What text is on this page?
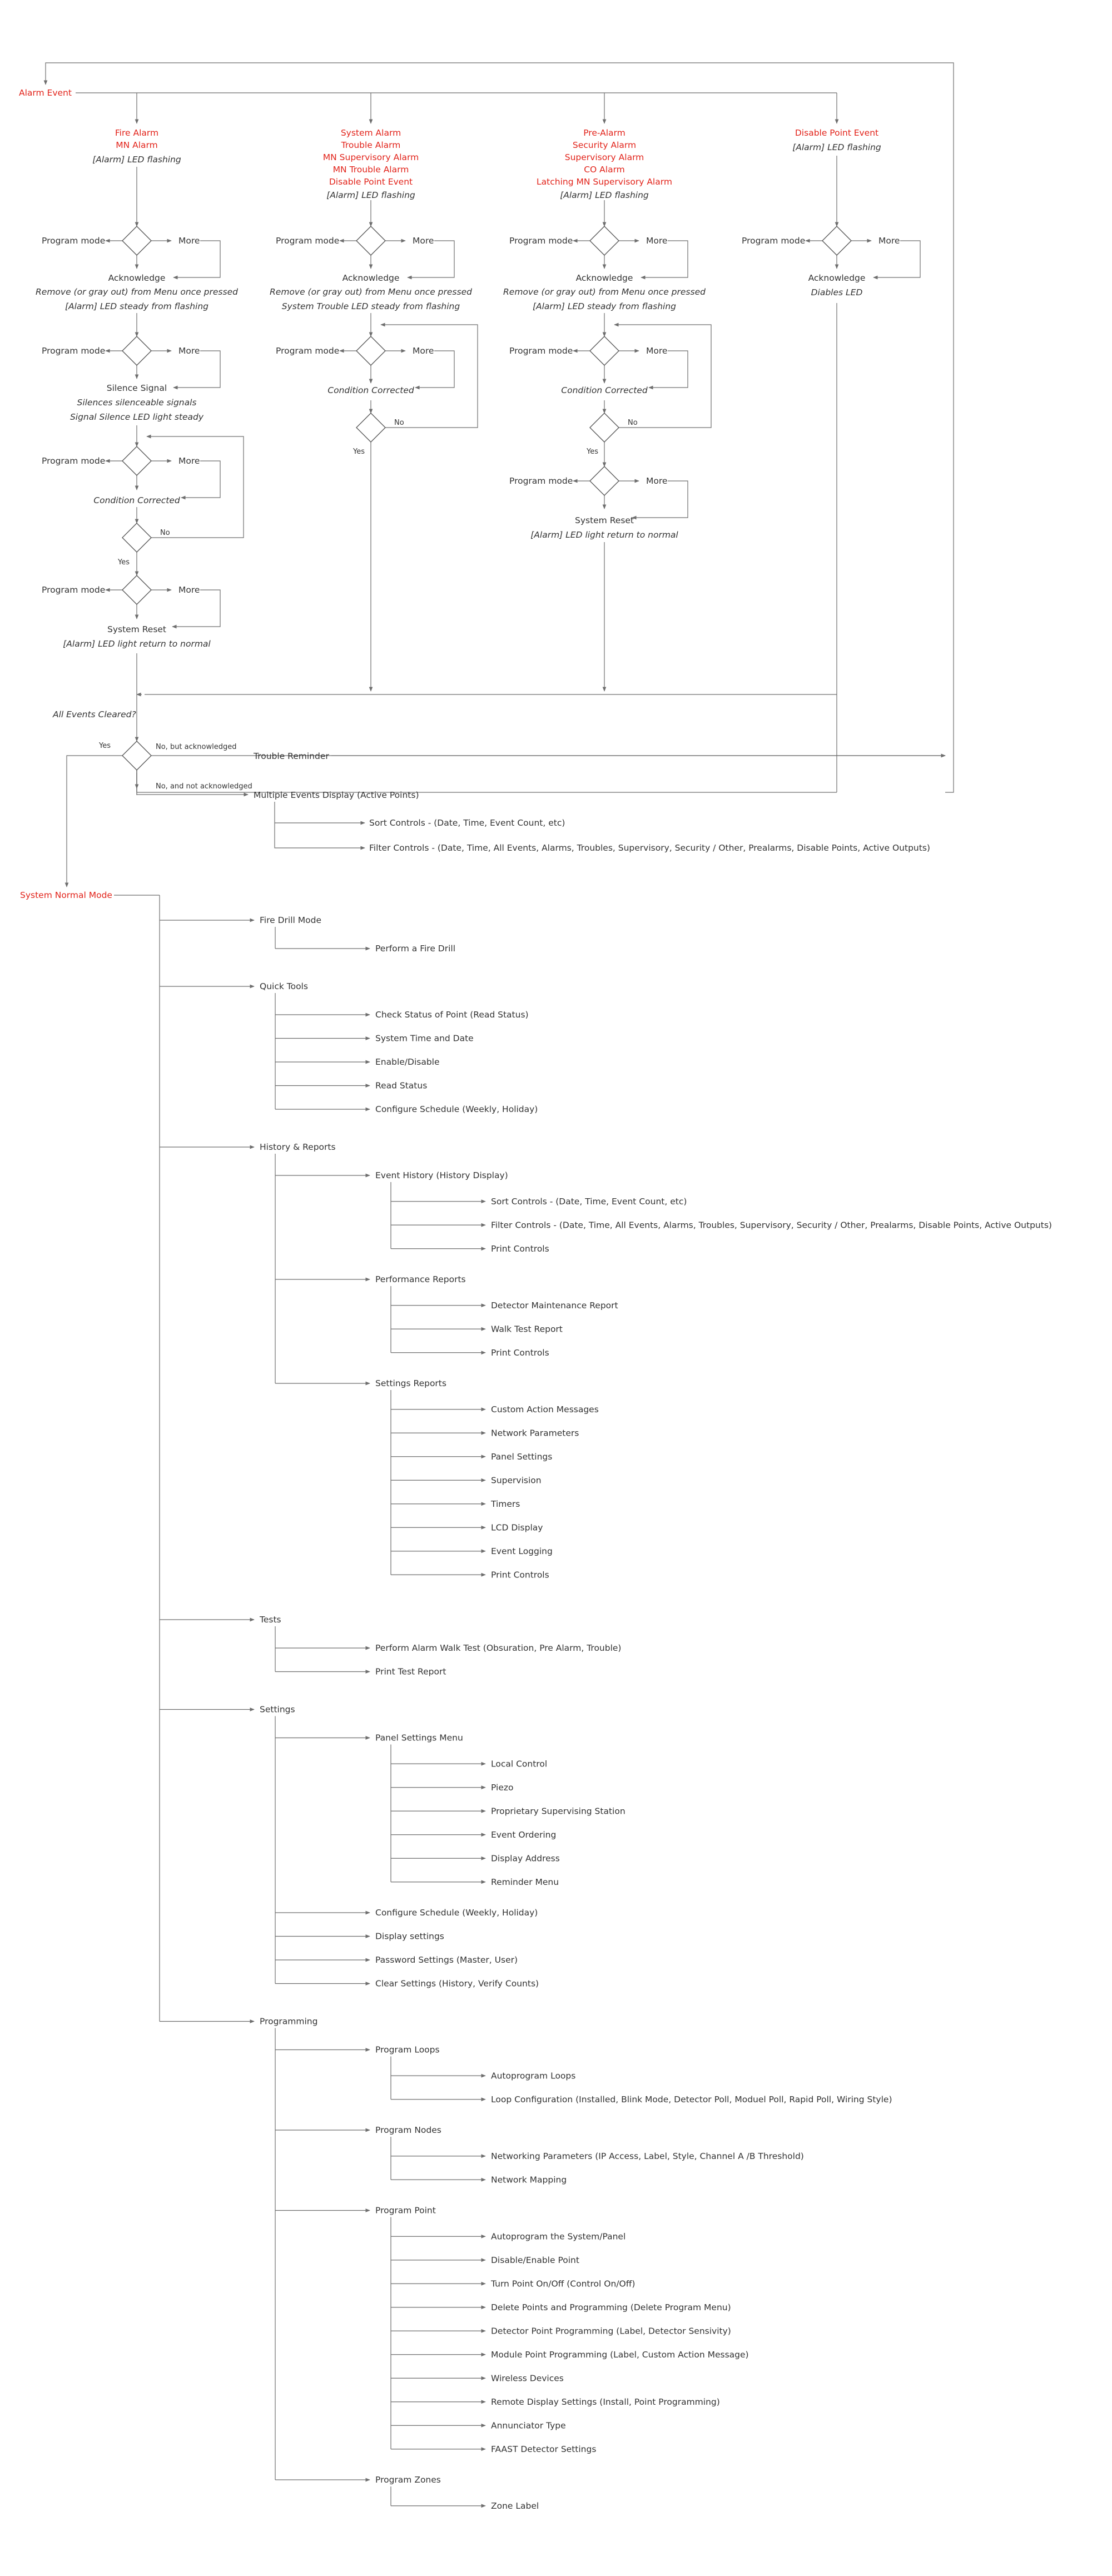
Alarm Event
Fire Alarm
MN Alarm
[Alarm] LED flashing
Program mode	More
Acknowledge
Remove (or gray out) from Menu once pressed
[Alarm] LED steady from flashing
Program mode	More
Silence Signal
Silences silenceable signals
Signal Silence LED light steady
Program mode	More
Condition Corrected
No
Yes
Program mode	More
System Reset
[Alarm] LED light return to normal
System Alarm
Trouble Alarm
MN Supervisory Alarm
MN Trouble Alarm
Disable Point Event
[Alarm] LED flashing
Program mode	More
Acknowledge
Remove (or gray out) from Menu once pressed
System Trouble LED steady from flashing
Program mode	More
Condition Corrected
No
Yes
Pre-Alarm
Security Alarm
Supervisory Alarm
CO Alarm
Latching MN Supervisory Alarm
[Alarm] LED flashing
Program mode	More
Acknowledge
Remove (or gray out) from Menu once pressed
[Alarm] LED steady from flashing
Program mode	More
Condition Corrected
No
Yes
Program mode	More
System Reset
[Alarm] LED light return to normal
Disable Point Event
[Alarm] LED flashing
Program mode	More
Acknowledge
Diables LED
All Events Cleared?
Yes	No, but acknowledged
Trouble Reminder
No, and not acknowledged
Multiple Events Display (Active Points)
Sort Controls - (Date, Time, Event Count, etc)
Filter Controls - (Date, Time, All Events, Alarms, Troubles, Supervisory, Security / Other, Prealarms, Disable Points, Active Outputs)
System Normal Mode
Fire Drill Mode
Perform a Fire Drill
Quick Tools
Check Status of Point (Read Status)
System Time and Date
Enable/Disable
Read Status
Configure Schedule (Weekly, Holiday)
History & Reports
Event History (History Display)
Sort Controls - (Date, Time, Event Count, etc)
Filter Controls - (Date, Time, All Events, Alarms, Troubles, Supervisory, Security / Other, Prealarms, Disable Points, Active Outputs)
Print Controls
Performance Reports
Detector Maintenance Report
Walk Test Report
Print Controls
Settings Reports
Custom Action Messages
Network Parameters
Panel Settings
Supervision
Timers
LCD Display
Event Logging
Print Controls
Tests
Perform Alarm Walk Test (Obsuration, Pre Alarm, Trouble)
Print Test Report
Settings
Panel Settings Menu
Local Control
Piezo
Proprietary Supervising Station
Event Ordering
Display Address
Reminder Menu
Configure Schedule (Weekly, Holiday)
Display settings
Password Settings (Master, User)
Clear Settings (History, Verify Counts)
Programming
Program Loops
Autoprogram Loops
Loop Configuration (Installed, Blink Mode, Detector Poll, Moduel Poll, Rapid Poll, Wiring Style)
Program Nodes
Networking Parameters (IP Access, Label, Style, Channel A /B Threshold)
Network Mapping
Program Point
Autoprogram the System/Panel
Disable/Enable Point
Turn Point On/Off (Control On/Off)
Delete Points and Programming (Delete Program Menu)
Detector Point Programming (Label, Detector Sensivity)
Module Point Programming (Label, Custom Action Message)
Wireless Devices
Remote Display Settings (Install, Point Programming)
Annunciator Type
FAAST Detector Settings
Program Zones
Zone Label
